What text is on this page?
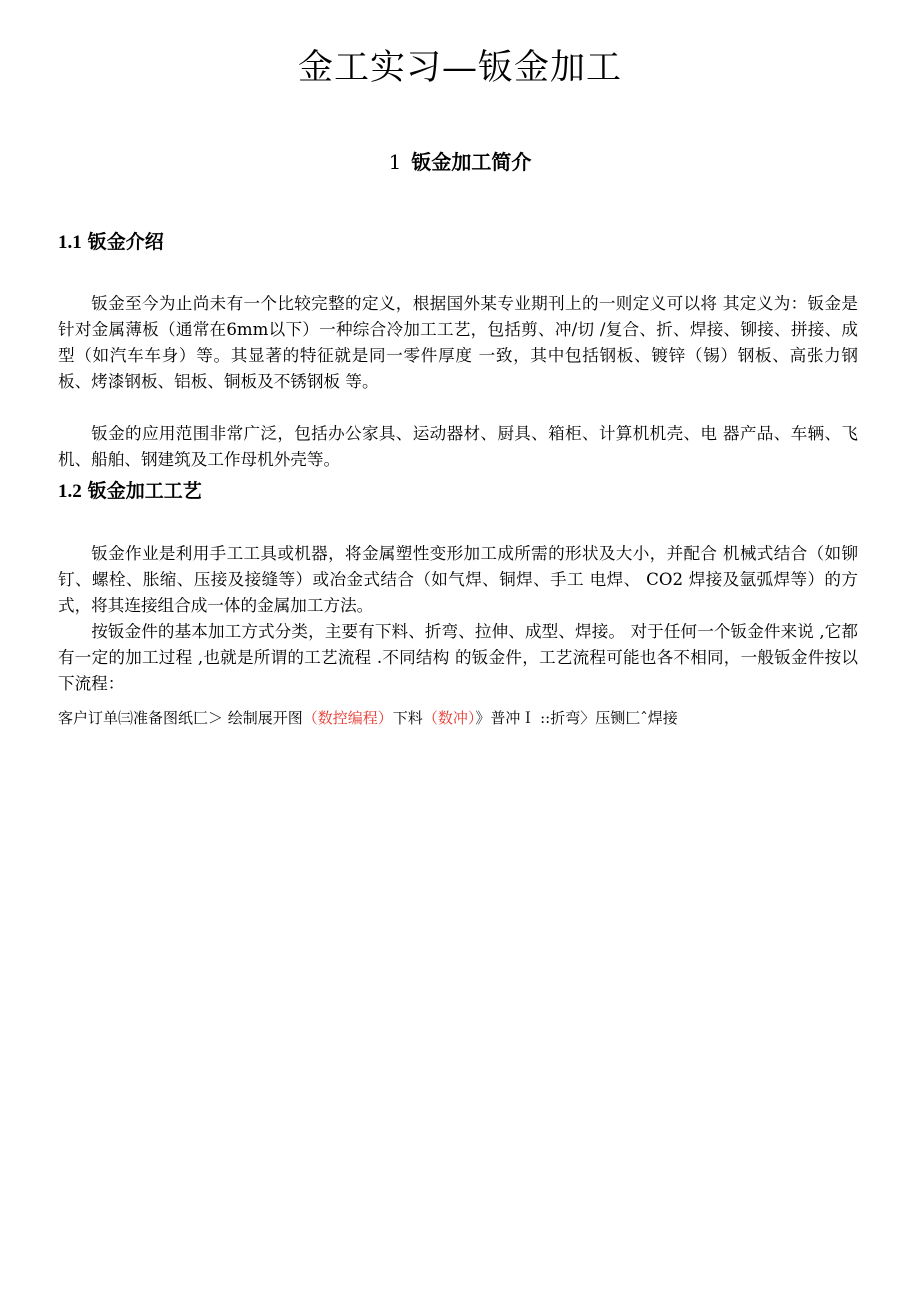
金工实习—钣金加工
1 钣金加工简介
1.1 钣金介绍

钣金至今为止尚未有一个比较完整的定义，根据国外某专业期刊上的一则定义可以将 其定义为：钣金是针对金属薄板（通常在6mm以下）一种综合冷加工工艺，包括剪、冲/切 /复合、折、焊接、铆接、拼接、成型（如汽车车身）等。其显著的特征就是同一零件厚度 一致，其中包括钢板、镀锌（锡）钢板、高张力钢板、烤漆钢板、铝板、铜板及不锈钢板 等。

钣金的应用范围非常广泛，包括办公家具、运动器材、厨具、箱柜、计算机机壳、电 器产品、车辆、飞机、船舶、钢建筑及工作母机外壳等。

1.2 钣金加工工艺

钣金作业是利用手工工具或机器，将金属塑性变形加工成所需的形状及大小，并配合 机械式结合（如铆钉、螺栓、胀缩、压接及接缝等）或冶金式结合（如气焊、铜焊、手工 电焊、 CO2 焊接及氩弧焊等）的方式，将其连接组合成一体的金属加工方法。

按钣金件的基本加工方式分类，主要有下料、折弯、拉伸、成型、焊接。 对于任何一个钣金件来说 ,它都有一定的加工过程 ,也就是所谓的工艺流程 .不同结构 的钣金件，工艺流程可能也各不相同，一般钣金件按以下流程：

客户订单㈢准备图纸匚＞ 绘制展开图（数控编程）下料（数冲）》普冲Ｉ ::折弯〉压铡匚ˆ焊接
